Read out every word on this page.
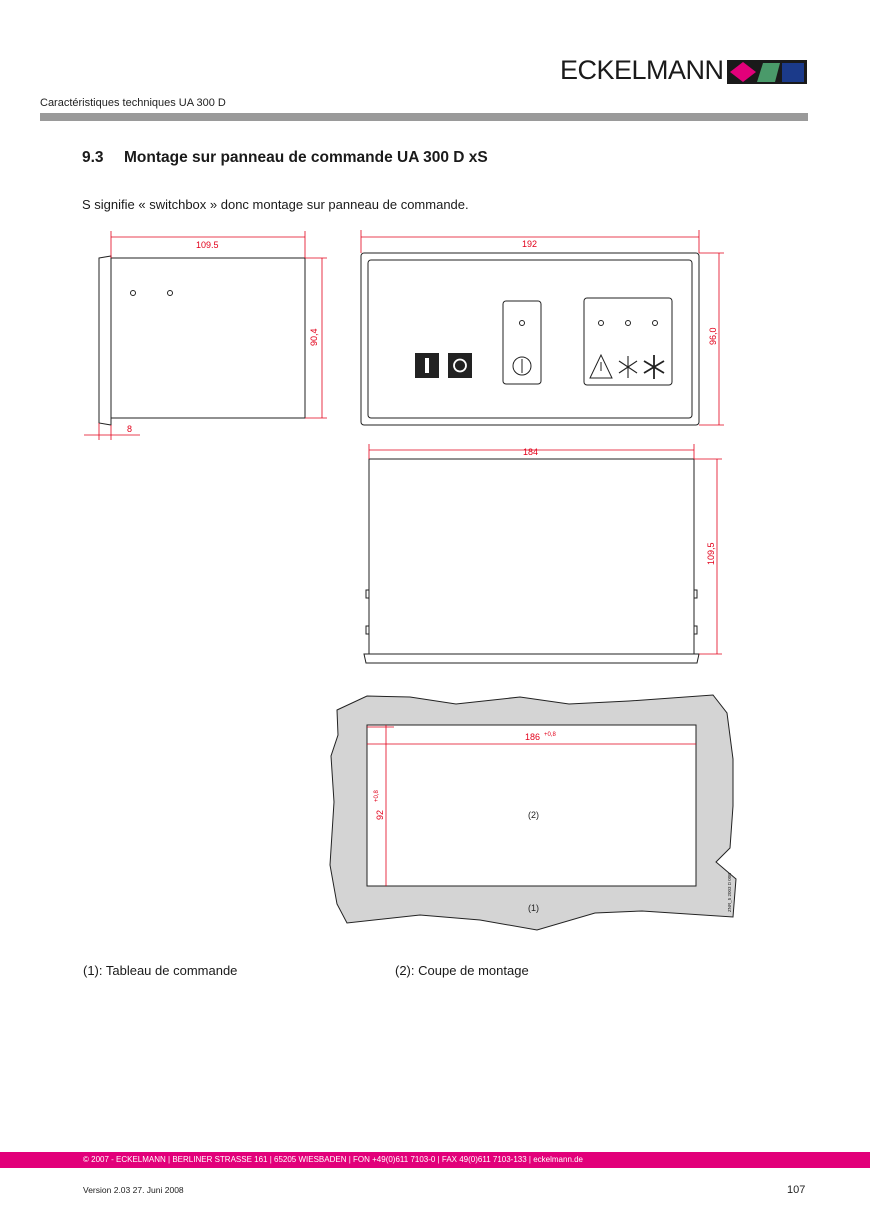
ECKELMANN
Caractéristiques techniques UA 300 D
9.3 Montage sur panneau de commande UA 300 D xS
S signifie « switchbox » donc montage sur panneau de commande.
109.5
90,4
8
192
96,0
184
109,5
186 +0,8
92
+0,8
(2)
(1)	ZNR_5 2003 D 00B
(1): Tableau de commande	(2): Coupe de montage
© 2007 - ECKELMANN | BERLINER STRASSE 161 | 65205 WIESBADEN | FON +49(0)611 7103-0 | FAX 49(0)611 7103-133 | eckelmann.de
Version 2.03 27. Juni 2008	107
